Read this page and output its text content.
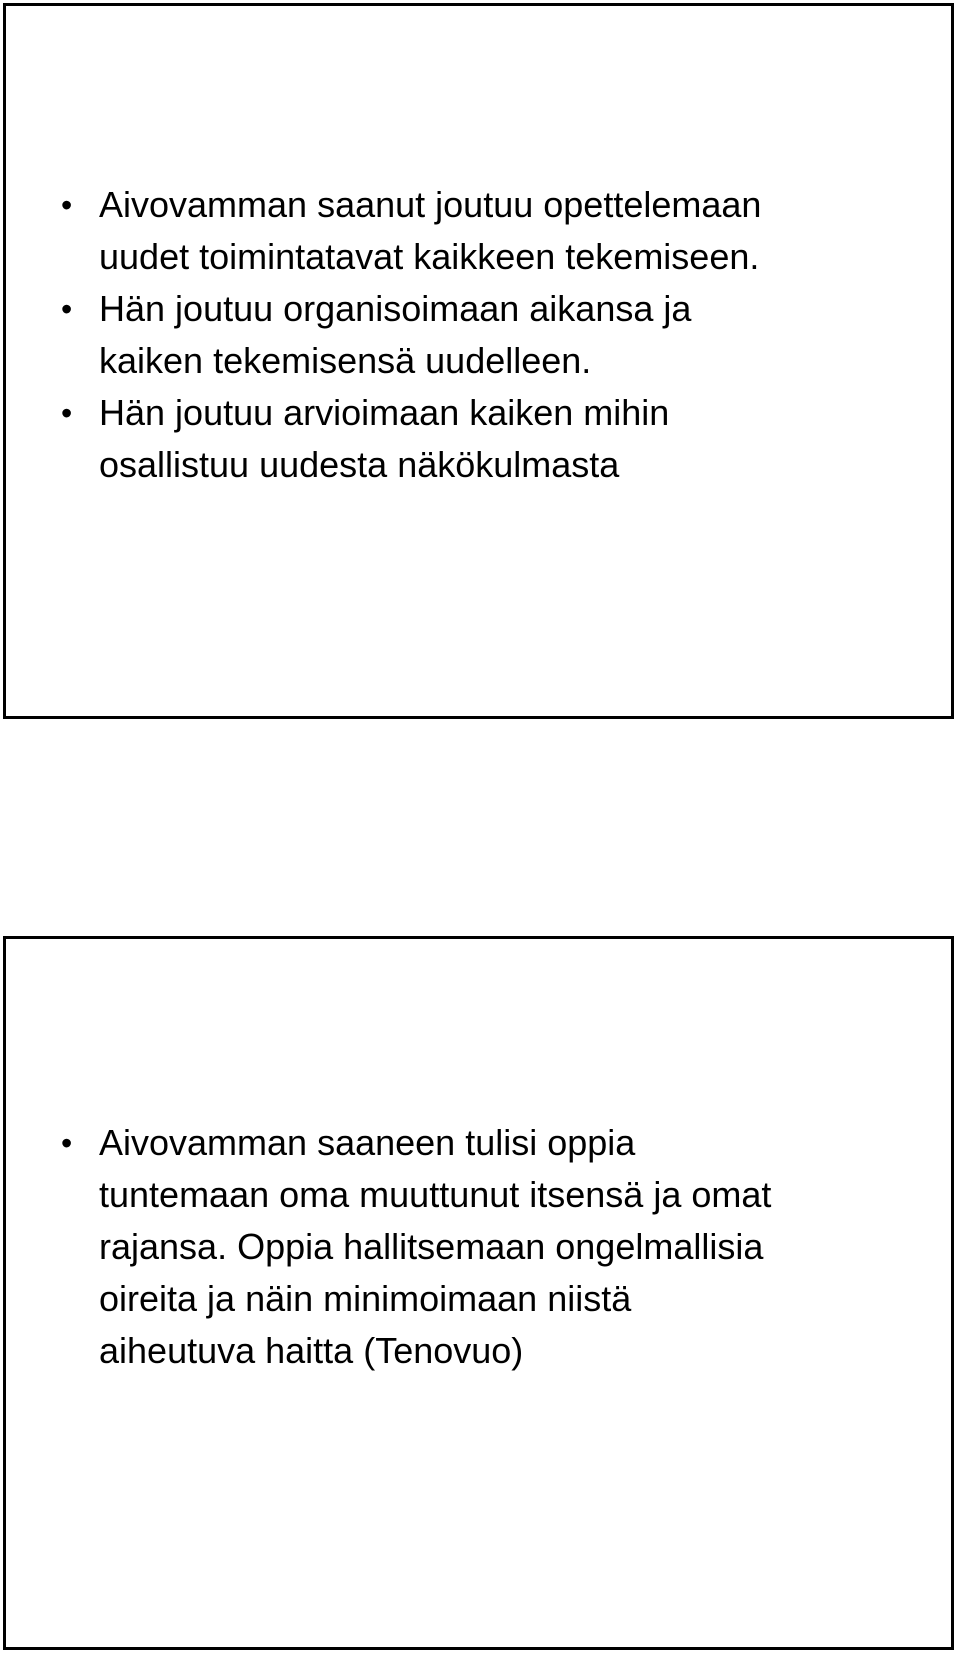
• Aivovamman saanut joutuu opettelemaan
uudet toimintatavat kaikkeen tekemiseen.
• Hän joutuu organisoimaan aikansa ja
kaiken tekemisensä uudelleen.
• Hän joutuu arvioimaan kaiken mihin
osallistuu uudesta näkökulmasta
• Aivovamman saaneen tulisi oppia
tuntemaan oma muuttunut itsensä ja omat
rajansa. Oppia hallitsemaan ongelmallisia
oireita ja näin minimoimaan niistä
aiheutuva haitta (Tenovuo)
